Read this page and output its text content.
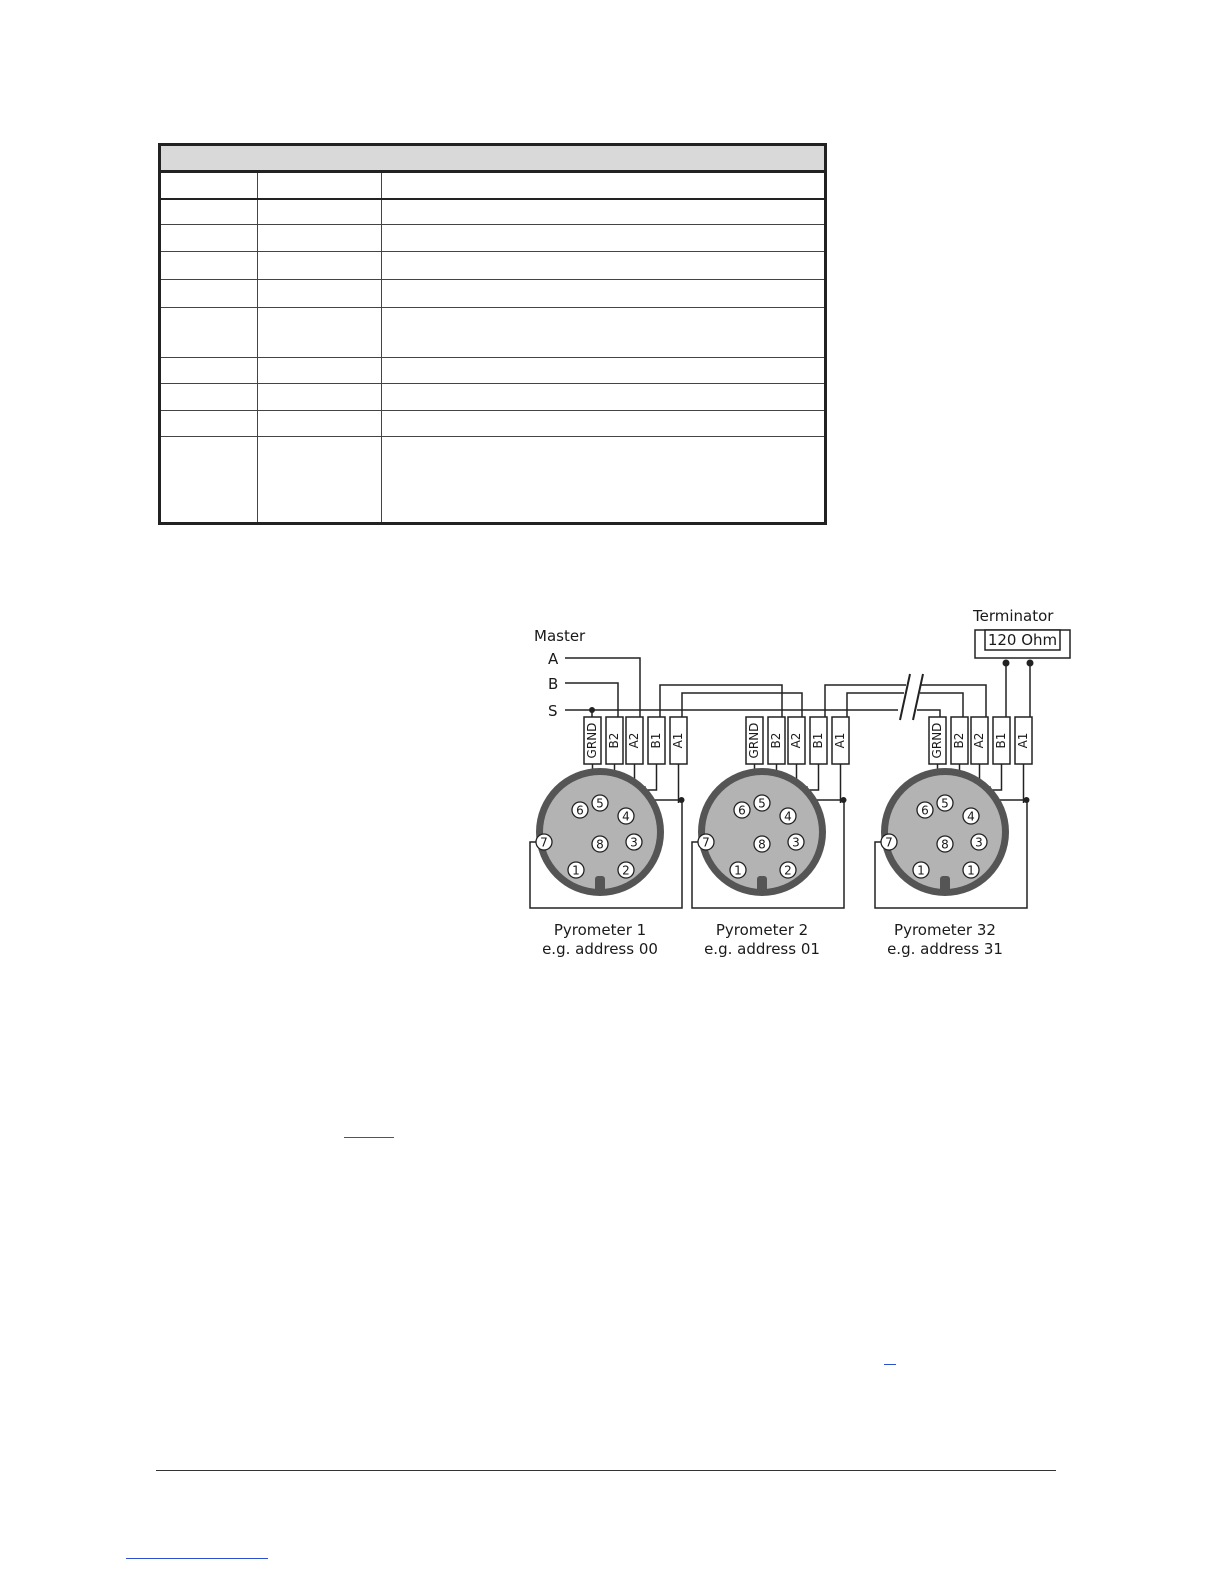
Master
A
B
S
Terminator
120 Ohm
GRND B2 A2 B1 A1
6 5
4
7	8 3
1	2
Pyrometer 1
e.g. address 00
GRND B2 A2 B1 A1
6 5
4
7	8 3
1	2
Pyrometer 2
e.g. address 01
GRND B2 A2 B1 A1
6 5
4
7	8 3
1	1
Pyrometer 32
e.g. address 31
